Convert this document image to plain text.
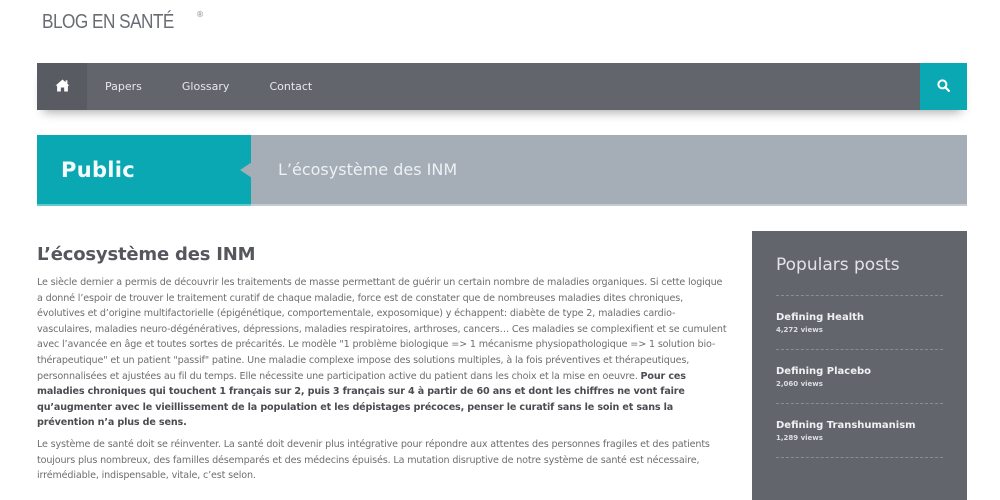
BLOG EN SANTÉ	®
Papers	Glossary	Contact
Public	L’écosystème des INM
L’écosystème des INM

Le siècle dernier a permis de découvrir les traitements de masse permettant de guérir un certain nombre de maladies organiques. Si cette logique a donné l’espoir de trouver le traitement curatif de chaque maladie, force est de constater que de nombreuses maladies dites chroniques, évolutives et d’origine multifactorielle (épigénétique, comportementale, exposomique) y échappent: diabète de type 2, maladies cardio-vasculaires, maladies neuro-dégénératives, dépressions, maladies respiratoires, arthroses, cancers… Ces maladies se complexifient et se cumulent avec l’avancée en âge et toutes sortes de précarités. Le modèle "1 problème biologique => 1 mécanisme physiopathologique => 1 solution bio-thérapeutique" et un patient "passif" patine. Une maladie complexe impose des solutions multiples, à la fois préventives et thérapeutiques, personnalisées et ajustées au fil du temps. Elle nécessite une participation active du patient dans les choix et la mise en oeuvre. Pour ces maladies chroniques qui touchent 1 français sur 2, puis 3 français sur 4 à partir de 60 ans et dont les chiffres ne vont faire qu’augmenter avec le vieillissement de la population et les dépistages précoces, penser le curatif sans le soin et sans la prévention n’a plus de sens.

Le système de santé doit se réinventer. La santé doit devenir plus intégrative pour répondre aux attentes des personnes fragiles et des patients toujours plus nombreux, des familles désemparés et des médecins épuisés. La mutation disruptive de notre système de santé est nécessaire, irrémédiable, indispensable, vitale, c’est selon.

Populars posts
Defining Health
4,272 views
Defining Placebo
2,060 views
Defining Transhumanism
1,289 views
